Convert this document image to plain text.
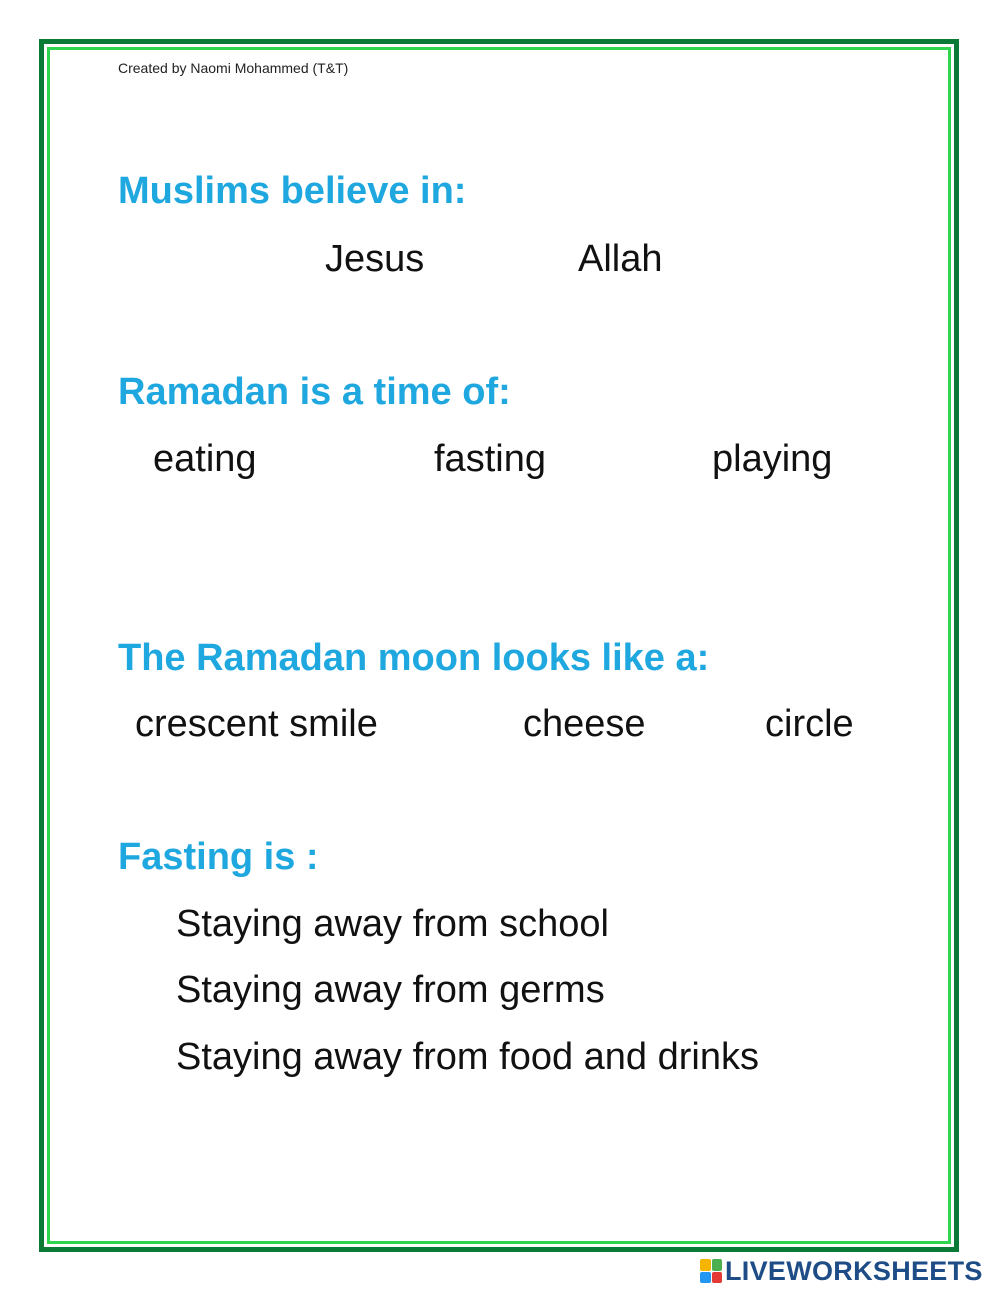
Created by Naomi Mohammed (T&T)
Muslims believe in:
Jesus	Allah
Ramadan is a time of:
eating	fasting	playing
The Ramadan moon looks like a:
crescent smile	cheese	circle
Fasting is :
Staying away from school
Staying away from germs
Staying away from food and drinks
LIVEWORKSHEETS
